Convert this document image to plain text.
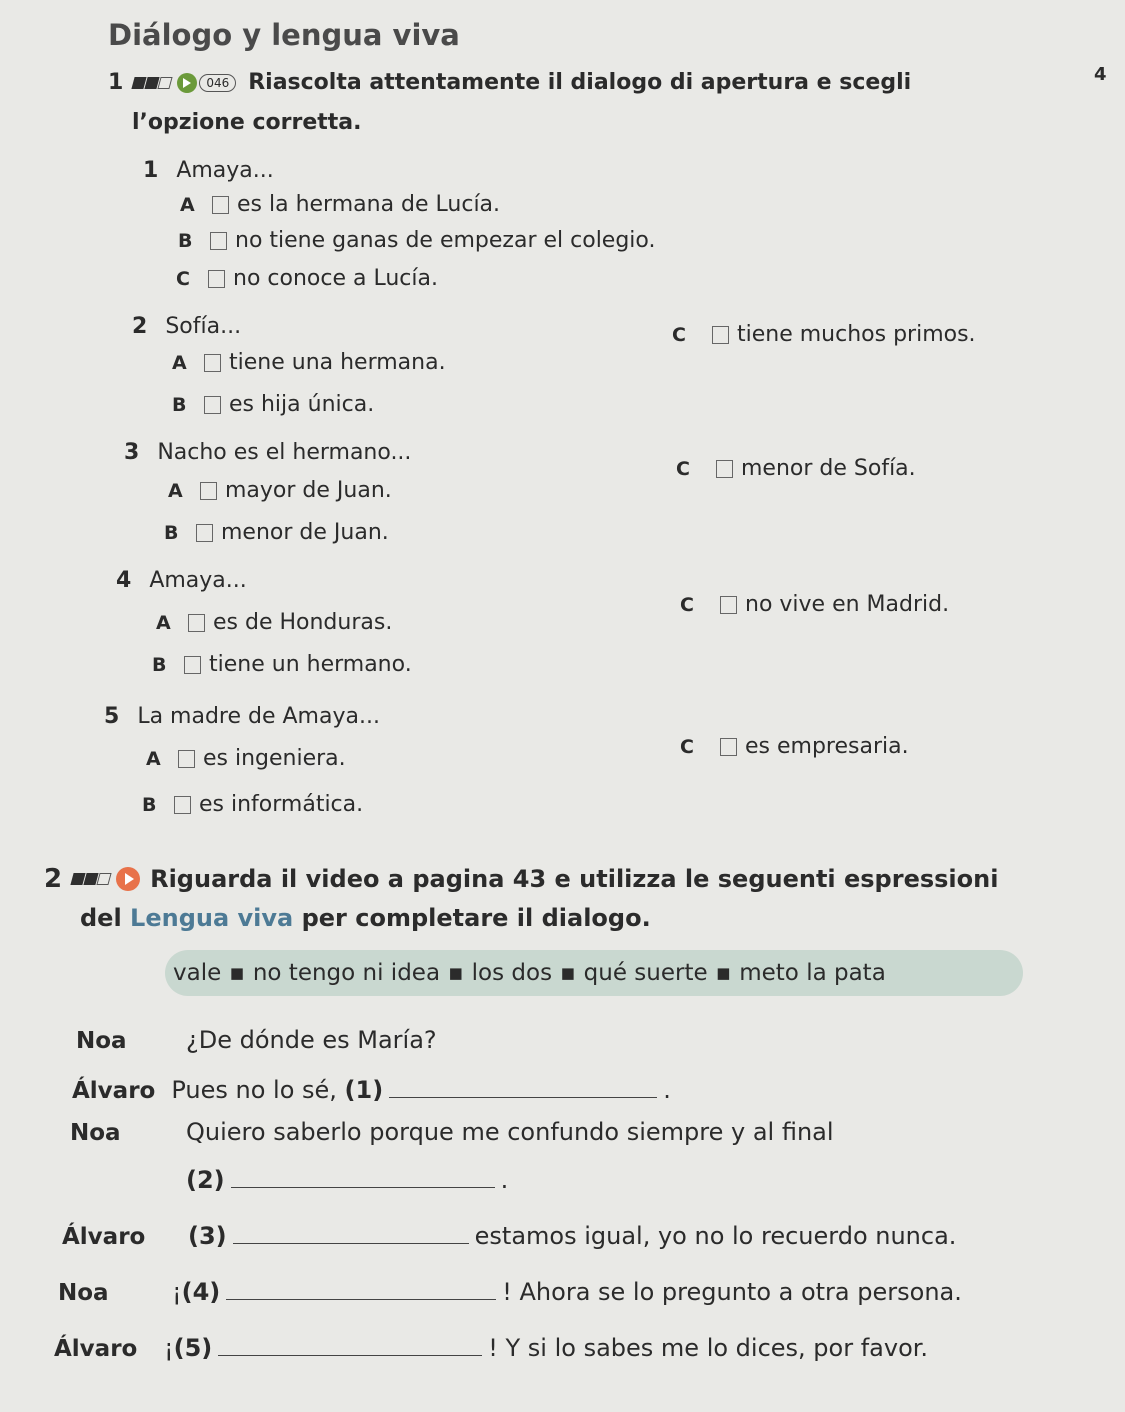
Diálogo y lengua viva
4
1	046 Riascolta attentamente il dialogo di apertura e scegli
l’opzione corretta.
1 Amaya...
A	es la hermana de Lucía.
B	no tiene ganas de empezar el colegio.
C	no conoce a Lucía.
2 Sofía...
A	tiene una hermana.
B	es hija única.
C	tiene muchos primos.
3 Nacho es el hermano...
A	mayor de Juan.
B	menor de Juan.
C	menor de Sofía.
4 Amaya...
A	es de Honduras.
B	tiene un hermano.
C	no vive en Madrid.
5 La madre de Amaya...
A	es ingeniera.
B	es informática.
C	es empresaria.
2	Riguarda il video a pagina 43 e utilizza le seguenti espressioni
del Lengua viva per completare il dialogo.
vale ▪ no tengo ni idea ▪ los dos ▪ qué suerte ▪ meto la pata
Noa	¿De dónde es María?
Álvaro Pues no lo sé,
(1)	.
Noa	Quiero saberlo porque me confundo siempre y al final
(2)	.
Álvaro	(3)	estamos igual, yo no lo recuerdo nunca.
Noa	¡ (4)	! Ahora se lo pregunto a otra persona.
Álvaro	¡ (5)	! Y si lo sabes me lo dices, por favor.
